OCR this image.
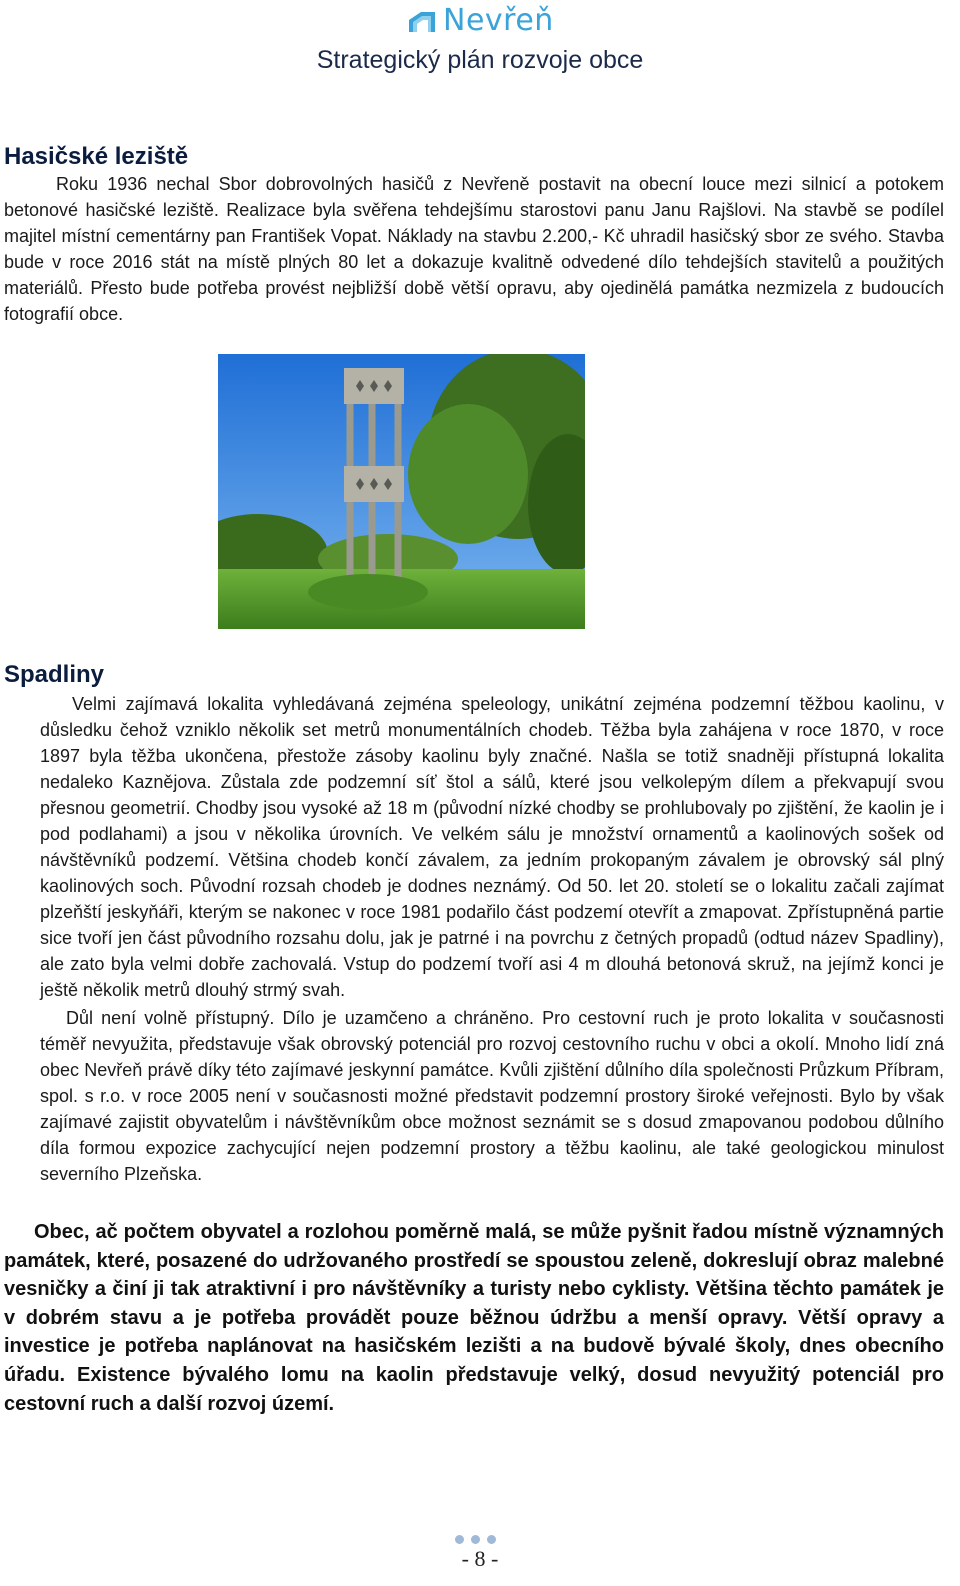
Nevřeň
Strategický plán rozvoje obce
Hasičské leziště

Roku 1936 nechal Sbor dobrovolných hasičů z Nevřeně postavit na obecní louce mezi silnicí a potokem betonové hasičské leziště. Realizace byla svěřena tehdejšímu starostovi panu Janu Rajšlovi. Na stavbě se podílel majitel místní cementárny pan František Vopat. Náklady na stavbu 2.200,- Kč uhradil hasičský sbor ze svého. Stavba bude v roce 2016 stát na místě plných 80 let a dokazuje kvalitně odvedené dílo tehdejších stavitelů a použitých materiálů. Přesto bude potřeba provést nejbližší době větší opravu, aby ojedinělá památka nezmizela z budoucích fotografií obce.

Spadliny

Velmi zajímavá lokalita vyhledávaná zejména speleology, unikátní zejména podzemní těžbou kaolinu, v důsledku čehož vzniklo několik set metrů monumentálních chodeb. Těžba byla zahájena v roce 1870, v roce 1897 byla těžba ukončena, přestože zásoby kaolinu byly značné. Našla se totiž snadněji přístupná lokalita nedaleko Kaznějova. Zůstala zde podzemní síť štol a sálů, které jsou velkolepým dílem a překvapují svou přesnou geometrií. Chodby jsou vysoké až 18 m (původní nízké chodby se prohlubovaly po zjištění, že kaolin je i pod podlahami) a jsou v několika úrovních. Ve velkém sálu je množství ornamentů a kaolinových sošek od návštěvníků podzemí. Většina chodeb končí závalem, za jedním prokopaným závalem je obrovský sál plný kaolinových soch. Původní rozsah chodeb je dodnes neznámý. Od 50. let 20. století se o lokalitu začali zajímat plzeňští jeskyňáři, kterým se nakonec v roce 1981 podařilo část podzemí otevřít a zmapovat. Zpřístupněná partie sice tvoří jen část původního rozsahu dolu, jak je patrné i na povrchu z četných propadů (odtud název Spadliny), ale zato byla velmi dobře zachovalá. Vstup do podzemí tvoří asi 4 m dlouhá betonová skruž, na jejímž konci je ještě několik metrů dlouhý strmý svah.

Důl není volně přístupný. Dílo je uzamčeno a chráněno. Pro cestovní ruch je proto lokalita v současnosti téměř nevyužita, představuje však obrovský potenciál pro rozvoj cestovního ruchu v obci a okolí. Mnoho lidí zná obec Nevřeň právě díky této zajímavé jeskynní památce. Kvůli zjištění důlního díla společnosti Průzkum Příbram, spol. s r.o. v roce 2005 není v současnosti možné představit podzemní prostory široké veřejnosti. Bylo by však zajímavé zajistit obyvatelům i návštěvníkům obce možnost seznámit se s dosud zmapovanou podobou důlního díla formou expozice zachycující nejen podzemní prostory a těžbu kaolinu, ale také geologickou minulost severního Plzeňska.

Obec, ač počtem obyvatel a rozlohou poměrně malá, se může pyšnit řadou místně významných památek, které, posazené do udržovaného prostředí se spoustou zeleně, dokreslují obraz malebné vesničky a činí ji tak atraktivní i pro návštěvníky a turisty nebo cyklisty. Většina těchto památek je v dobrém stavu a je potřeba provádět pouze běžnou údržbu a menší opravy. Větší opravy a investice je potřeba naplánovat na hasičském lezišti a na budově bývalé školy, dnes obecního úřadu. Existence bývalého lomu na kaolin představuje velký, dosud nevyužitý potenciál pro cestovní ruch a další rozvoj území.

- 8 -
